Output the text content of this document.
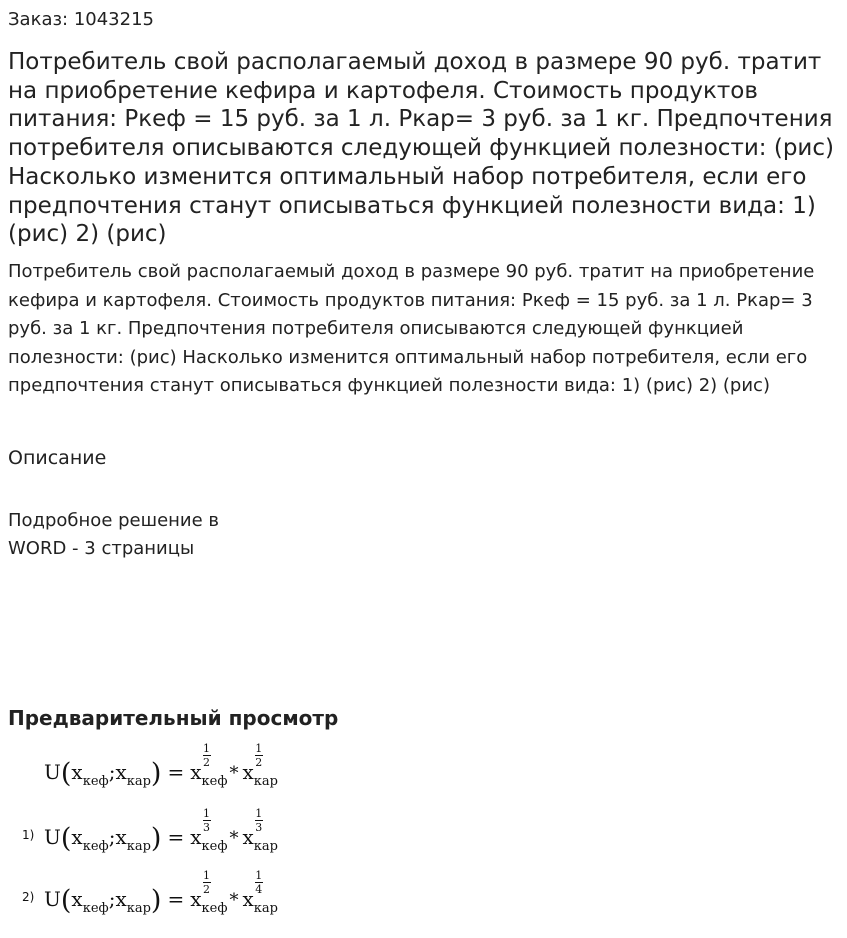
Заказ: 1043215
Потребитель свой располагаемый доход в размере 90 руб. тратит на приобретение кефира и картофеля. Стоимость продуктов питания: Ркеф = 15 руб. за 1 л. Ркар= 3 руб. за 1 кг. Предпочтения потребителя описываются следующей функцией полезности: (рис) Насколько изменится оптимальный набор потребителя, если его предпочтения станут описываться функцией полезности вида: 1) (рис) 2) (рис)

Потребитель свой располагаемый доход в размере 90 руб. тратит на приобретение кефира и картофеля. Стоимость продуктов питания: Ркеф = 15 руб. за 1 л. Ркар= 3 руб. за 1 кг. Предпочтения потребителя описываются следующей функцией полезности: (рис) Насколько изменится оптимальный набор потребителя, если его предпочтения станут описываться функцией полезности вида: 1) (рис) 2) (рис)

Описание
Подробное решение в
WORD - 3 страницы
Предварительный просмотр
$U(x_{кеф};x_{кар}) = x$
1
2
$_{кеф}$ * x
1
2
$_{кар}$
1) $U(x_{кеф};x_{кар}) = x$
1
3
$_{кеф}$ * x
1
3
$_{кар}$
2) $U(x_{кеф};x_{кар}) = x$
1
2
$_{кеф}$ * x
1
4
$_{кар}$
